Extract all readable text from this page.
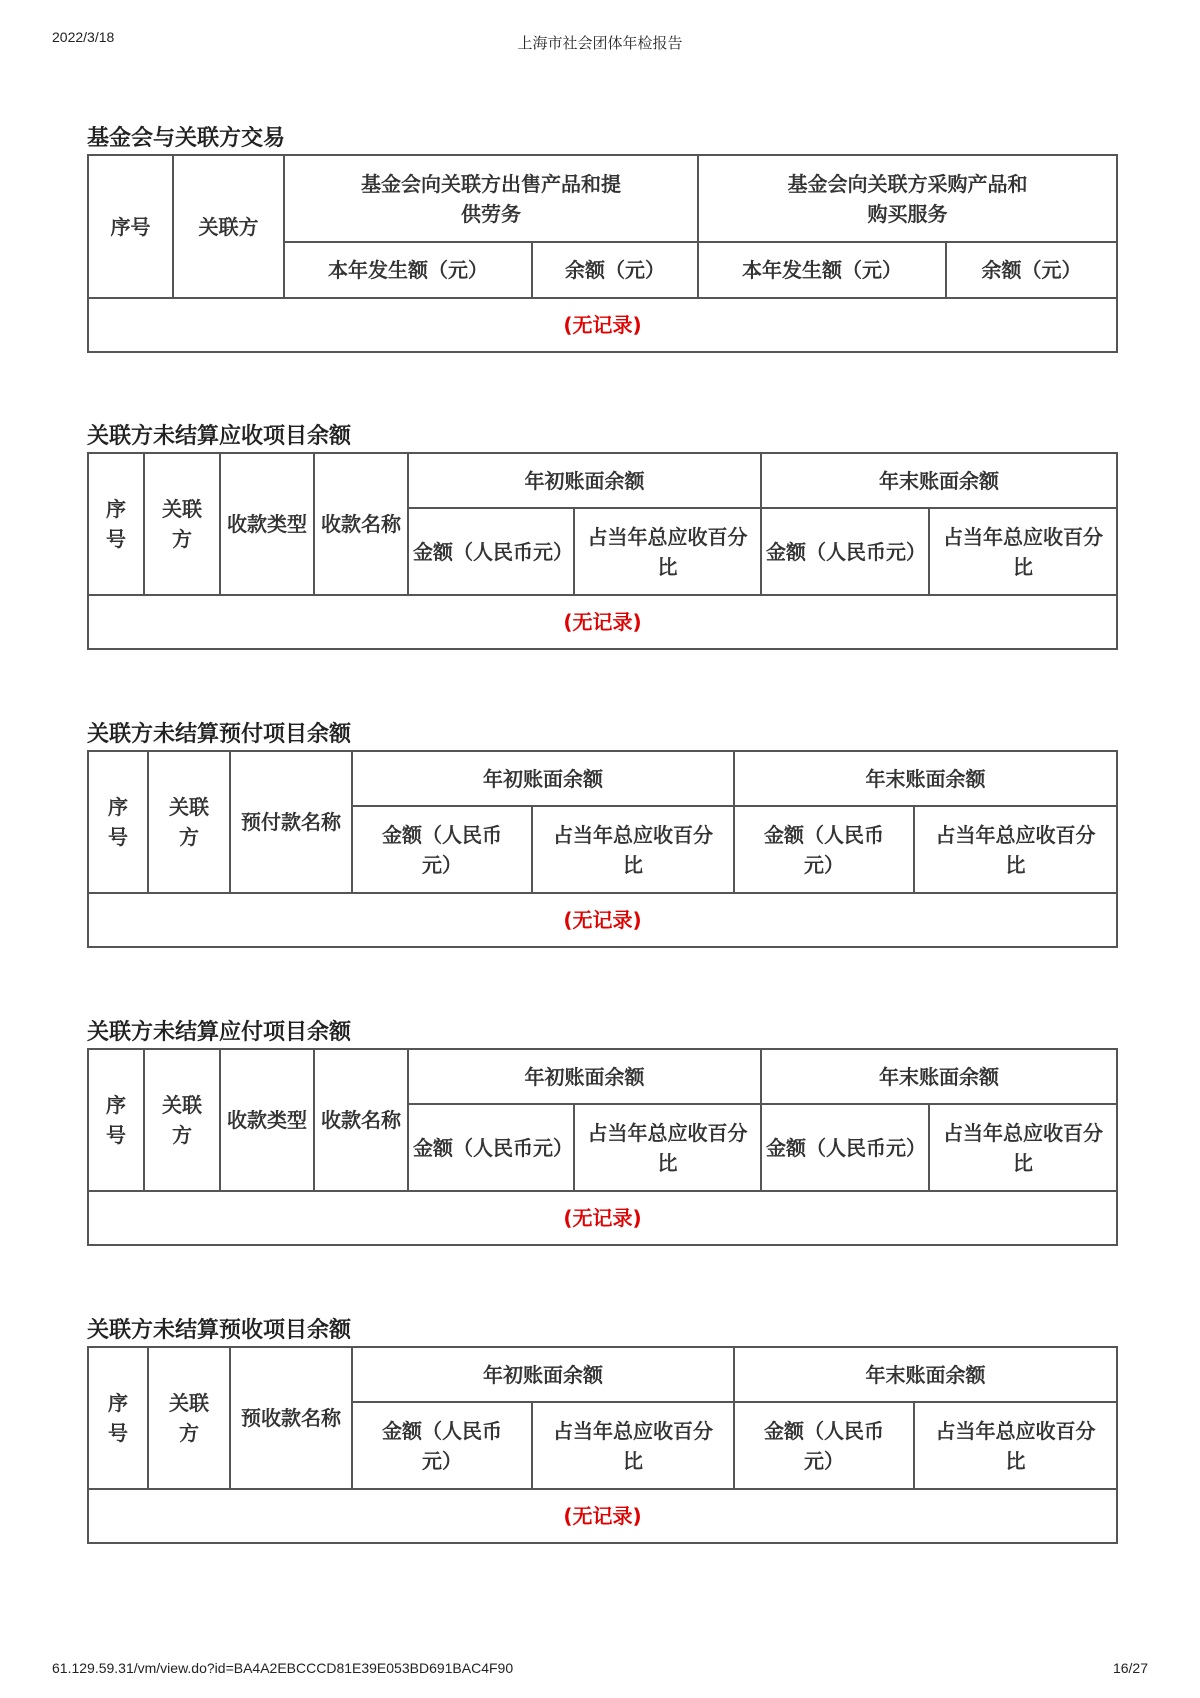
2022/3/18	上海市社会团体年检报告
基金会与关联方交易
序号	关联方	基金会向关联方出售产品和提供劳务		基金会向关联方采购产品和购买服务	
		本年发生额（元）	余额（元）	本年发生额（元）	余额（元）
(无记录)					
关联方未结算应收项目余额
序号	关联方	收款类型	收款名称	年初账面余额		年末账面余额	
				金额（人民币元）	占当年总应收百分比	金额（人民币元）	占当年总应收百分比
(无记录)							
关联方未结算预付项目余额
序号	关联方	预付款名称	年初账面余额		年末账面余额	
			金额（人民币元）	占当年总应收百分比	金额（人民币元）	占当年总应收百分比
(无记录)						
关联方未结算应付项目余额
序号	关联方	收款类型	收款名称	年初账面余额		年末账面余额	
				金额（人民币元）	占当年总应收百分比	金额（人民币元）	占当年总应收百分比
(无记录)							
关联方未结算预收项目余额
序号	关联方	预收款名称	年初账面余额		年末账面余额	
			金额（人民币元）	占当年总应收百分比	金额（人民币元）	占当年总应收百分比
(无记录)						
61.129.59.31/vm/view.do?id=BA4A2EBCCCD81E39E053BD691BAC4F90	16/27
